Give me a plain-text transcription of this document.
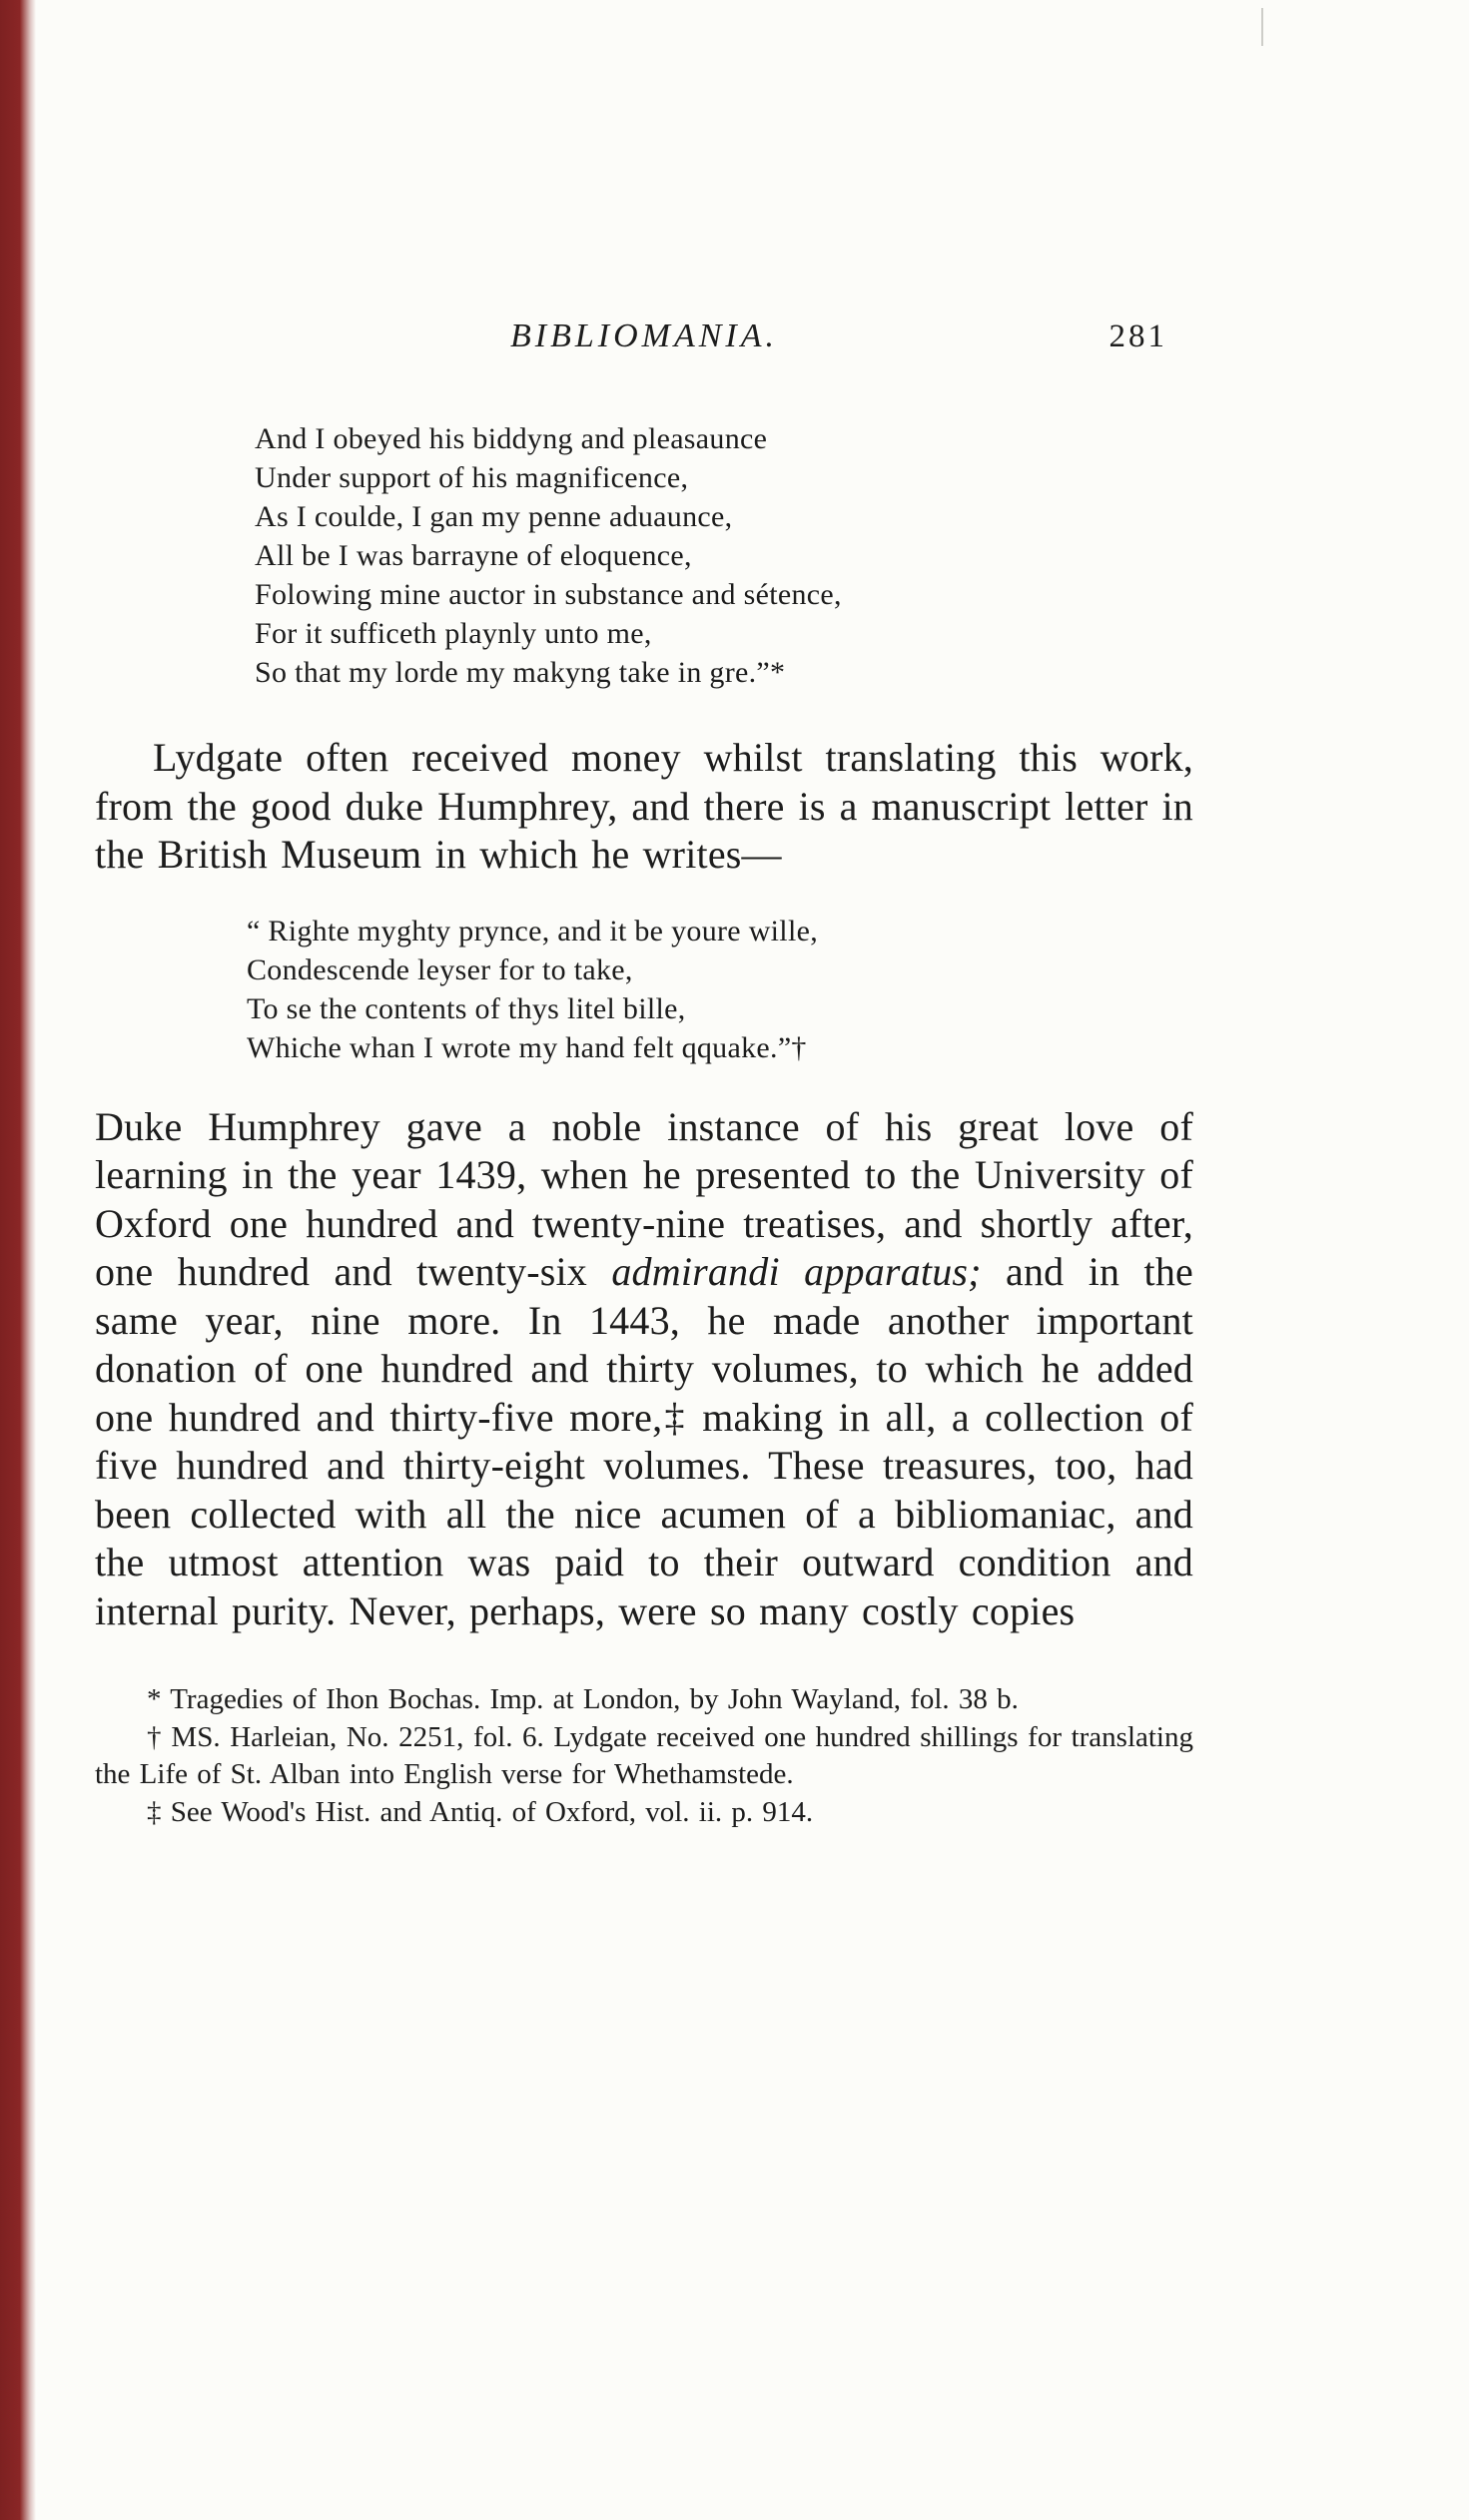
BIBLIOMANIA.	281
And I obeyed his biddyng and pleasaunce
Under support of his magnificence,
As I coulde, I gan my penne aduaunce,
All be I was barrayne of eloquence,
Folowing mine auctor in substance and sétence,
For it sufficeth playnly unto me,
So that my lorde my makyng take in gre.”*

Lydgate often received money whilst translating this work, from the good duke Humphrey, and there is a manuscript letter in the British Museum in which he writes—

“ Righte myghty prynce, and it be youre wille,
Condescende leyser for to take,
To se the contents of thys litel bille,
Whiche whan I wrote my hand felt qquake.”†

Duke Humphrey gave a noble instance of his great love of learning in the year 1439, when he presented to the University of Oxford one hundred and twenty-nine treatises, and shortly after, one hundred and twenty-six admirandi apparatus; and in the same year, nine more. In 1443, he made another important donation of one hundred and thirty volumes, to which he added one hundred and thirty-five more,‡ making in all, a collection of five hundred and thirty-eight volumes. These treasures, too, had been collected with all the nice acumen of a bibliomaniac, and the utmost attention was paid to their outward condition and internal purity. Never, perhaps, were so many costly copies

* Tragedies of Ihon Bochas. Imp. at London, by John Wayland, fol. 38 b.

† MS. Harleian, No. 2251, fol. 6. Lydgate received one hundred shillings for translating the Life of St. Alban into English verse for Whethamstede.

‡ See Wood's Hist. and Antiq. of Oxford, vol. ii. p. 914.
